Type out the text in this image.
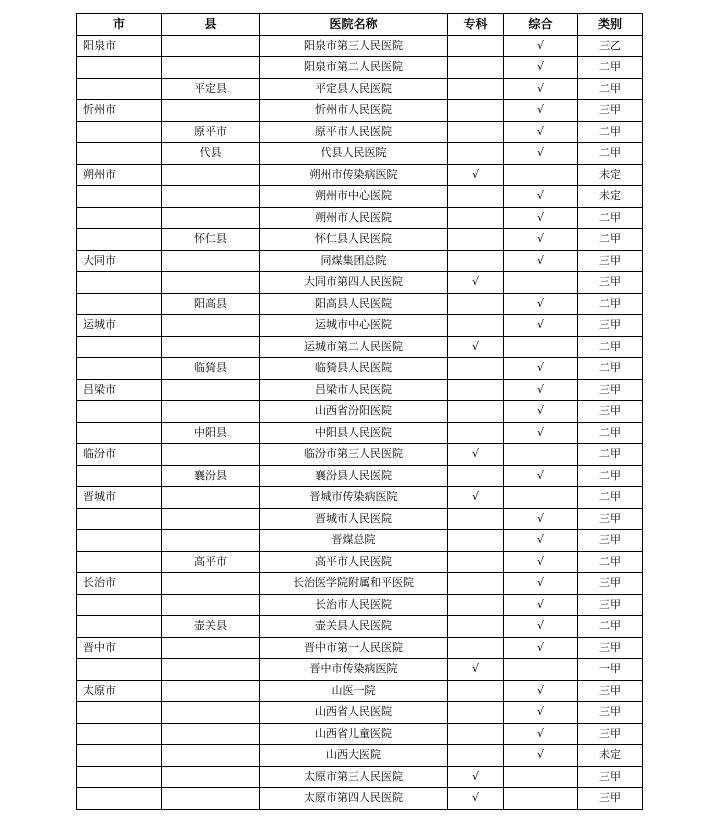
市	县	医院名称	专科	综合	类别
阳泉市		阳泉市第三人民医院		√	三乙
		阳泉市第二人民医院		√	二甲
	平定县	平定县人民医院		√	二甲
忻州市		忻州市人民医院		√	三甲
	原平市	原平市人民医院		√	二甲
	代县	代县人民医院		√	二甲
朔州市		朔州市传染病医院	√		未定
		朔州市中心医院		√	未定
		朔州市人民医院		√	二甲
	怀仁县	怀仁县人民医院		√	二甲
大同市		同煤集团总院		√	三甲
		大同市第四人民医院	√		三甲
	阳高县	阳高县人民医院		√	二甲
运城市		运城市中心医院		√	三甲
		运城市第二人民医院	√		二甲
	临猗县	临猗县人民医院		√	二甲
吕梁市		吕梁市人民医院		√	三甲
		山西省汾阳医院		√	三甲
	中阳县	中阳县人民医院		√	二甲
临汾市		临汾市第三人民医院	√		二甲
	襄汾县	襄汾县人民医院		√	二甲
晋城市		晋城市传染病医院	√		二甲
		晋城市人民医院		√	三甲
		晋煤总院		√	三甲
	高平市	高平市人民医院		√	二甲
长治市		长治医学院附属和平医院		√	三甲
		长治市人民医院		√	三甲
	壶关县	壶关县人民医院		√	二甲
晋中市		晋中市第一人民医院		√	三甲
		晋中市传染病医院	√		一甲
太原市		山医一院		√	三甲
		山西省人民医院		√	三甲
		山西省儿童医院		√	三甲
		山西大医院		√	未定
		太原市第三人民医院	√		三甲
		太原市第四人民医院	√		三甲
